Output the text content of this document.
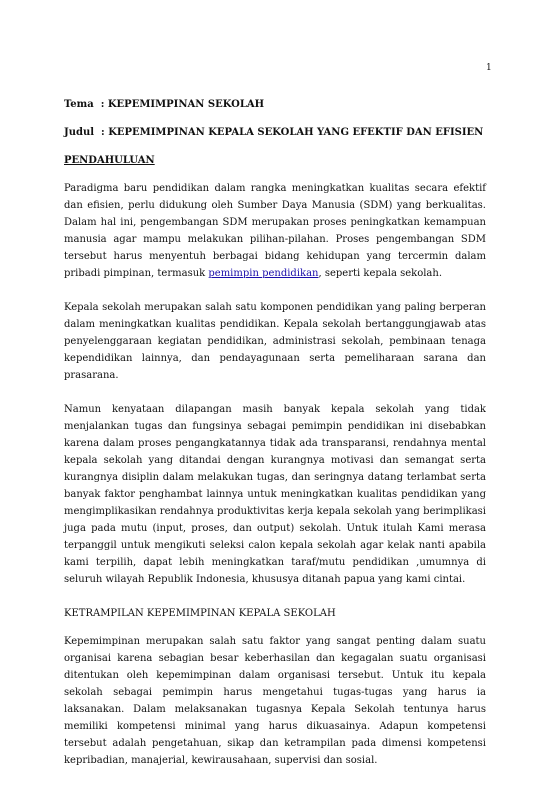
1
Tema : KEPEMIMPINAN SEKOLAH
Judul : KEPEMIMPINAN KEPALA SEKOLAH YANG EFEKTIF DAN EFISIEN
PENDAHULUAN

Paradigma baru pendidikan dalam rangka meningkatkan kualitas secara efektif dan efisien, perlu didukung oleh Sumber Daya Manusia (SDM) yang berkualitas. Dalam hal ini, pengembangan SDM merupakan proses peningkatkan kemampuan manusia agar mampu melakukan pilihan-pilahan. Proses pengembangan SDM tersebut harus menyentuh berbagai bidang kehidupan yang tercermin dalam pribadi pimpinan, termasuk pemimpin pendidikan, seperti kepala sekolah.

Kepala sekolah merupakan salah satu komponen pendidikan yang paling berperan dalam meningkatkan kualitas pendidikan. Kepala sekolah bertanggungjawab atas penyelenggaraan kegiatan pendidikan, administrasi sekolah, pembinaan tenaga kependidikan lainnya, dan pendayagunaan serta pemeliharaan sarana dan prasarana.

Namun kenyataan dilapangan masih banyak kepala sekolah yang tidak menjalankan tugas dan fungsinya sebagai pemimpin pendidikan ini disebabkan karena dalam proses pengangkatannya tidak ada transparansi, rendahnya mental kepala sekolah yang ditandai dengan kurangnya motivasi dan semangat serta kurangnya disiplin dalam melakukan tugas, dan seringnya datang terlambat serta banyak faktor penghambat lainnya untuk meningkatkan kualitas pendidikan yang mengimplikasikan rendahnya produktivitas kerja kepala sekolah yang berimplikasi juga pada mutu (input, proses, dan output) sekolah. Untuk itulah Kami merasa terpanggil untuk mengikuti seleksi calon kepala sekolah agar kelak nanti apabila kami terpilih, dapat lebih meningkatkan taraf/mutu pendidikan ,umumnya di seluruh wilayah Republik Indonesia, khususya ditanah papua yang kami cintai.

KETRAMPILAN KEPEMIMPINAN KEPALA SEKOLAH

Kepemimpinan merupakan salah satu faktor yang sangat penting dalam suatu organisai karena sebagian besar keberhasilan dan kegagalan suatu organisasi ditentukan oleh kepemimpinan dalam organisasi tersebut. Untuk itu kepala sekolah sebagai pemimpin harus mengetahui tugas-tugas yang harus ia laksanakan. Dalam melaksanakan tugasnya Kepala Sekolah tentunya harus memiliki kompetensi minimal yang harus dikuasainya. Adapun kompetensi tersebut adalah pengetahuan, sikap dan ketrampilan pada dimensi kompetensi kepribadian, manajerial, kewirausahaan, supervisi dan sosial.
